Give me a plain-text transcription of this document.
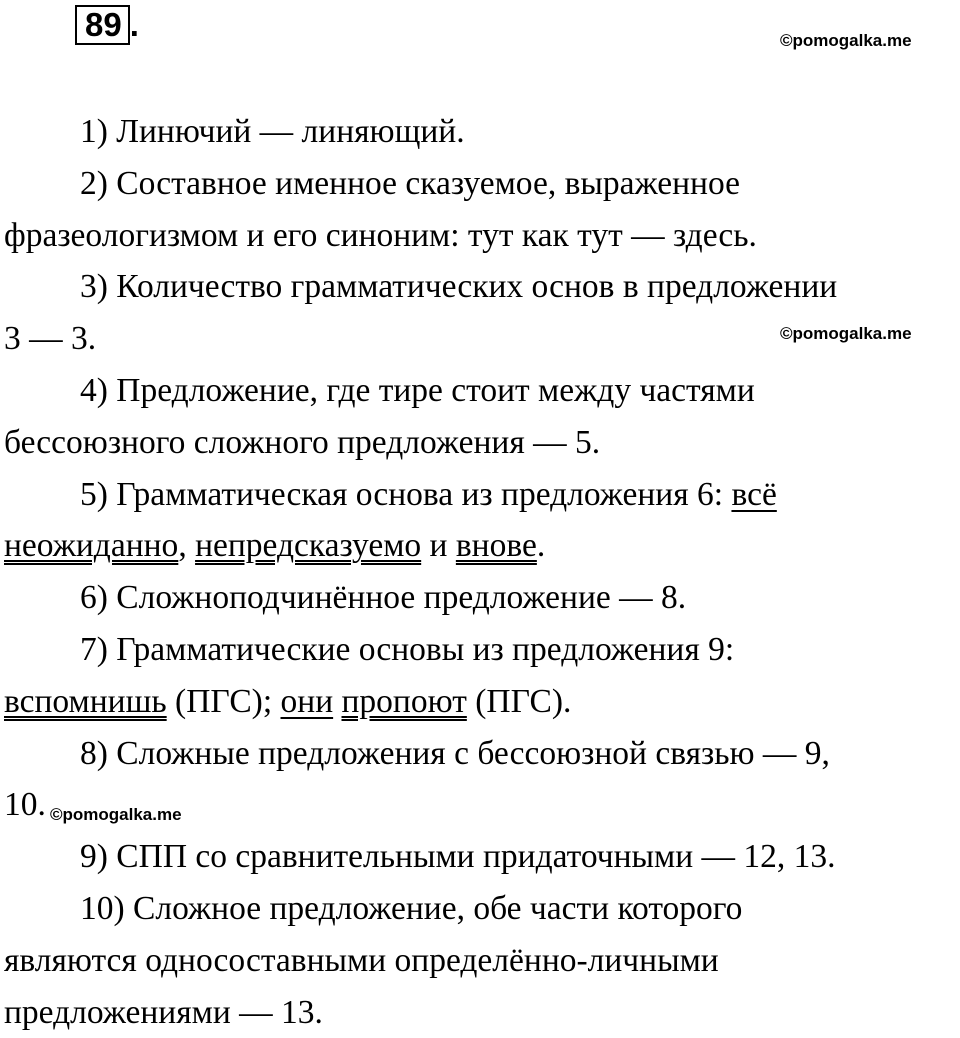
89 .	©pomogalka.me
©pomogalka.me
©pomogalka.me

1) Линючий — линяющий.

2) Составное именное сказуемое, выраженное

фразеологизмом и его синоним: тут как тут — здесь.

3) Количество грамматических основ в предложении

3 — 3.

4) Предложение, где тире стоит между частями

бессоюзного сложного предложения — 5.

5) Грамматическая основа из предложения 6: всё

неожиданно, непредсказуемо и внове.

6) Сложноподчинённое предложение — 8.

7) Грамматические основы из предложения 9:

вспомнишь (ПГС); они пропоют (ПГС).

8) Сложные предложения с бессоюзной связью — 9,

10.

9) СПП со сравнительными придаточными — 12, 13.

10) Сложное предложение, обе части которого

являются односоставными определённо-личными

предложениями — 13.
